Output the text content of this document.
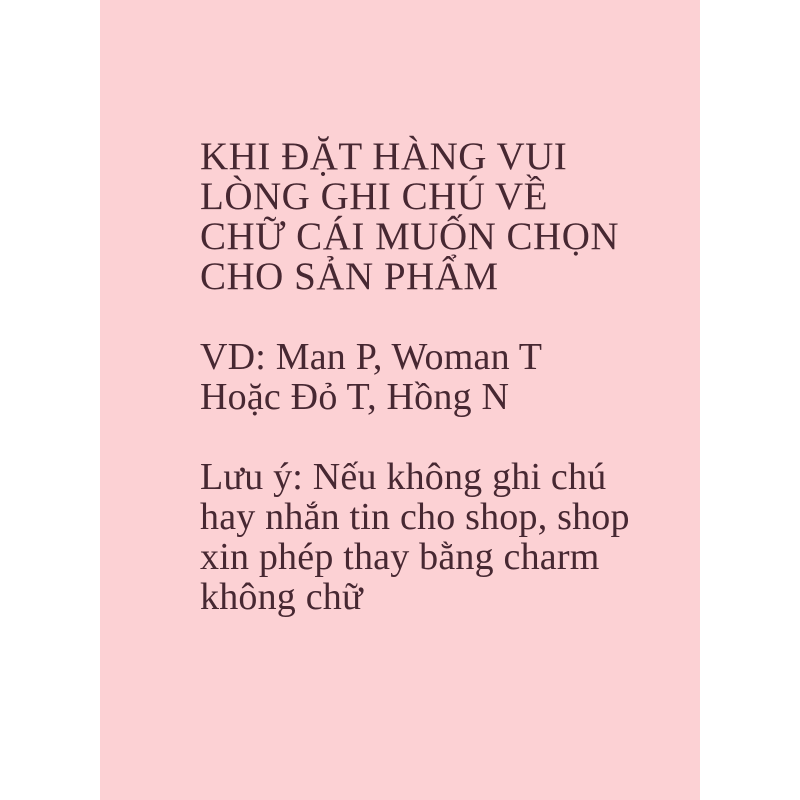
KHI ĐẶT HÀNG VUI
LÒNG GHI CHÚ VỀ
CHỮ CÁI MUỐN CHỌN
CHO SẢN PHẨM
VD: Man P, Woman T
Hoặc Đỏ T, Hồng N
Lưu ý: Nếu không ghi chú
hay nhắn tin cho shop, shop
xin phép thay bằng charm
không chữ
